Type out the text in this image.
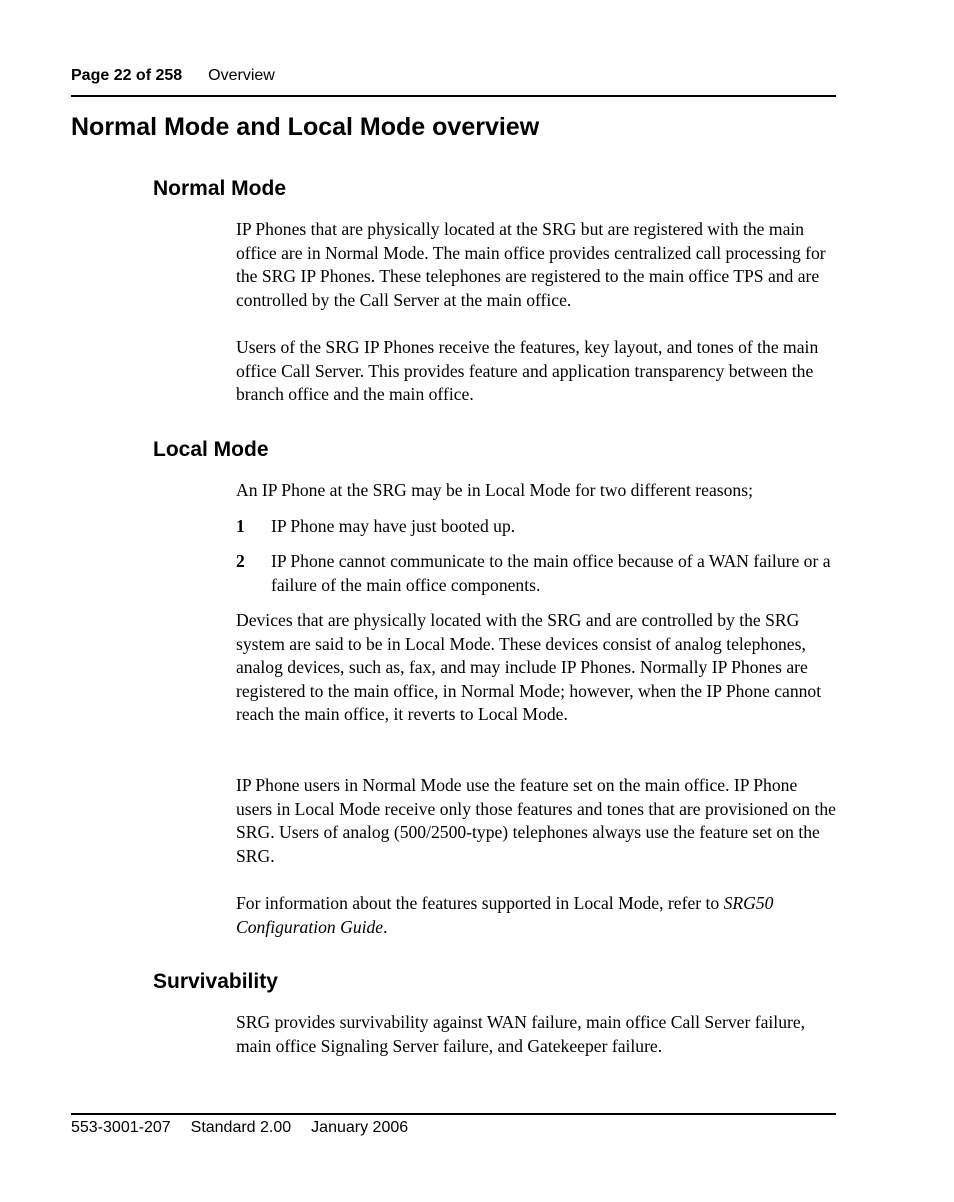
Page 22 of 258 Overview
Normal Mode and Local Mode overview
Normal Mode

IP Phones that are physically located at the SRG but are registered with the main office are in Normal Mode. The main office provides centralized call processing for the SRG IP Phones. These telephones are registered to the main office TPS and are controlled by the Call Server at the main office.

Users of the SRG IP Phones receive the features, key layout, and tones of the main office Call Server. This provides feature and application transparency between the branch office and the main office.

Local Mode

An IP Phone at the SRG may be in Local Mode for two different reasons;

1 IP Phone may have just booted up.
2 IP Phone cannot communicate to the main office because of a WAN failure or a failure of the main office components.

Devices that are physically located with the SRG and are controlled by the SRG system are said to be in Local Mode. These devices consist of analog telephones, analog devices, such as, fax, and may include IP Phones. Normally IP Phones are registered to the main office, in Normal Mode; however, when the IP Phone cannot reach the main office, it reverts to Local Mode.

IP Phone users in Normal Mode use the feature set on the main office. IP Phone users in Local Mode receive only those features and tones that are provisioned on the SRG. Users of analog (500/2500-type) telephones always use the feature set on the SRG.

For information about the features supported in Local Mode, refer to SRG50 Configuration Guide.

Survivability

SRG provides survivability against WAN failure, main office Call Server failure, main office Signaling Server failure, and Gatekeeper failure.

553-3001-207 Standard 2.00 January 2006
